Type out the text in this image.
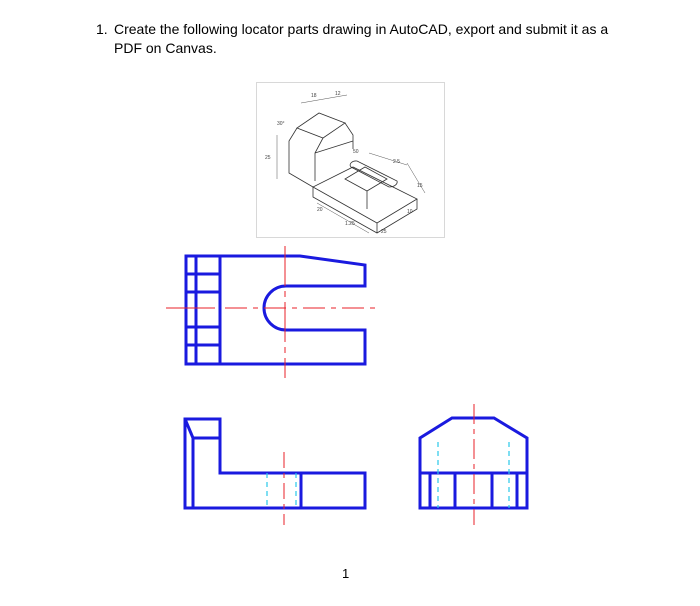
1. Create the following locator parts drawing in AutoCAD, export and submit it as a
PDF on Canvas.
30°
18	12
25
50
2.5
1.25
15
10
20
25
1
